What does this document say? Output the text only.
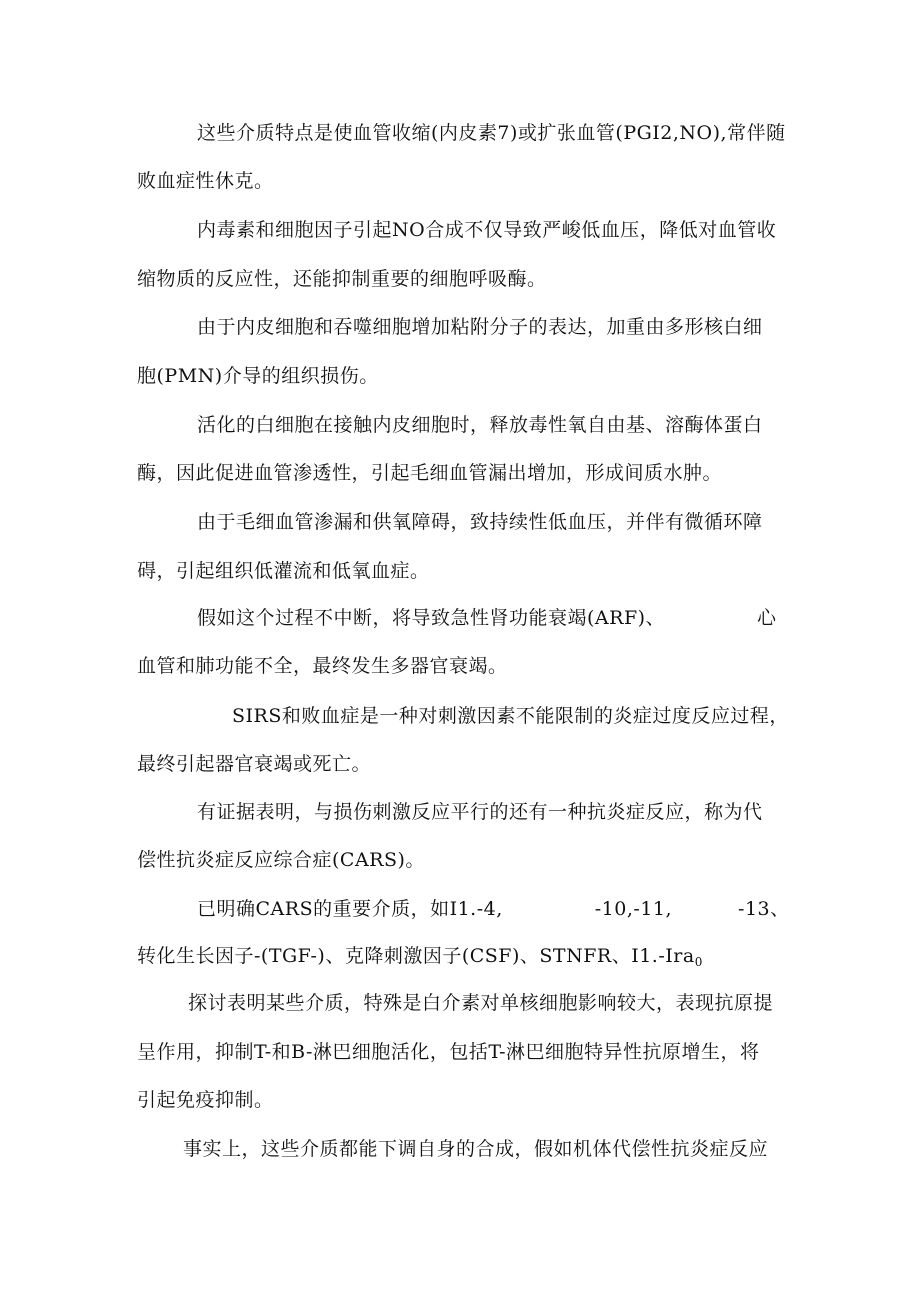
这些介质特点是使血管收缩(内皮素7)或扩张血管(PGI2,NO),常伴随
败血症性休克。
内毒素和细胞因子引起NO合成不仅导致严峻低血压，降低对血管收
缩物质的反应性，还能抑制重要的细胞呼吸酶。
由于内皮细胞和吞噬细胞增加粘附分子的表达，加重由多形核白细
胞(PMN)介导的组织损伤。
活化的白细胞在接触内皮细胞时，释放毒性氧自由基、溶酶体蛋白
酶，因此促进血管渗透性，引起毛细血管漏出增加，形成间质水肿。
由于毛细血管渗漏和供氧障碍，致持续性低血压，并伴有微循环障
碍，引起组织低灌流和低氧血症。
假如这个过程不中断，将导致急性肾功能衰竭(ARF)、	心
血管和肺功能不全，最终发生多器官衰竭。
SIRS和败血症是一种对刺激因素不能限制的炎症过度反应过程，
最终引起器官衰竭或死亡。
有证据表明，与损伤刺激反应平行的还有一种抗炎症反应，称为代
偿性抗炎症反应综合症(CARS)。
已明确CARS的重要介质，如I1.-4,	-10,-11,	-13、
转化生长因子-(TGF-)、克降刺激因子(CSF)、STNFR、I1.-Ira$_0$
探讨表明某些介质，特殊是白介素对单核细胞影响较大，表现抗原提
呈作用，抑制T-和B-淋巴细胞活化，包括T-淋巴细胞特异性抗原增生，将
引起免疫抑制。
事实上，这些介质都能下调自身的合成，假如机体代偿性抗炎症反应
